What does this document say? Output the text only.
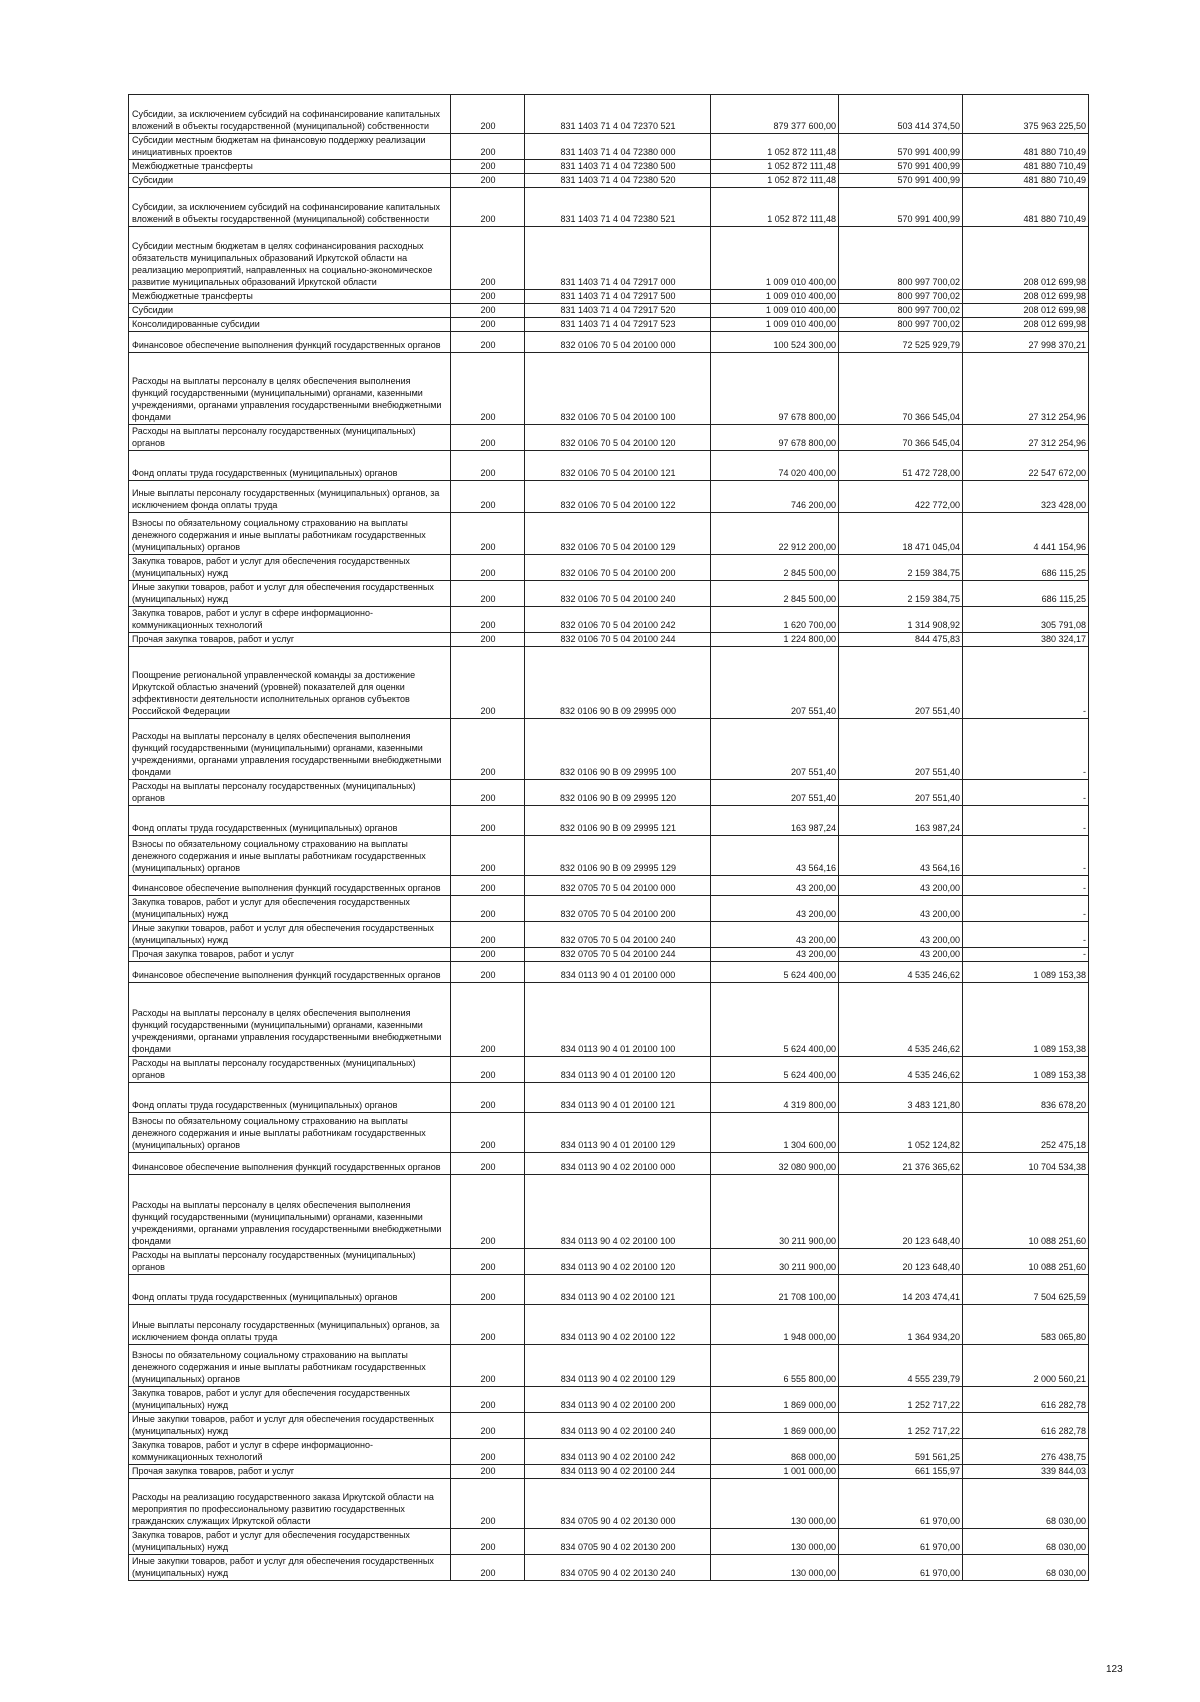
Субсидии, за исключением субсидий на софинансирование капитальных вложений в объекты государственной (муниципальной) собственности	200	831 1403 71 4 04 72370 521	879 377 600,00	503 414 374,50	375 963 225,50
Субсидии местным бюджетам на финансовую поддержку реализации инициативных проектов	200	831 1403 71 4 04 72380 000	1 052 872 111,48	570 991 400,99	481 880 710,49
Межбюджетные трансферты	200	831 1403 71 4 04 72380 500	1 052 872 111,48	570 991 400,99	481 880 710,49
Субсидии	200	831 1403 71 4 04 72380 520	1 052 872 111,48	570 991 400,99	481 880 710,49
Субсидии, за исключением субсидий на софинансирование капитальных вложений в объекты государственной (муниципальной) собственности	200	831 1403 71 4 04 72380 521	1 052 872 111,48	570 991 400,99	481 880 710,49
Субсидии местным бюджетам в целях софинансирования расходных обязательств муниципальных образований Иркутской области на реализацию мероприятий, направленных на социально-экономическое развитие муниципальных образований Иркутской области	200	831 1403 71 4 04 72917 000	1 009 010 400,00	800 997 700,02	208 012 699,98
Межбюджетные трансферты	200	831 1403 71 4 04 72917 500	1 009 010 400,00	800 997 700,02	208 012 699,98
Субсидии	200	831 1403 71 4 04 72917 520	1 009 010 400,00	800 997 700,02	208 012 699,98
Консолидированные субсидии	200	831 1403 71 4 04 72917 523	1 009 010 400,00	800 997 700,02	208 012 699,98
Финансовое обеспечение выполнения функций государственных органов	200	832 0106 70 5 04 20100 000	100 524 300,00	72 525 929,79	27 998 370,21
Расходы на выплаты персоналу в целях обеспечения выполнения функций государственными (муниципальными) органами, казенными учреждениями, органами управления государственными внебюджетными фондами	200	832 0106 70 5 04 20100 100	97 678 800,00	70 366 545,04	27 312 254,96
Расходы на выплаты персоналу государственных (муниципальных) органов	200	832 0106 70 5 04 20100 120	97 678 800,00	70 366 545,04	27 312 254,96
Фонд оплаты труда государственных (муниципальных) органов	200	832 0106 70 5 04 20100 121	74 020 400,00	51 472 728,00	22 547 672,00
Иные выплаты персоналу государственных (муниципальных) органов, за исключением фонда оплаты труда	200	832 0106 70 5 04 20100 122	746 200,00	422 772,00	323 428,00
Взносы по обязательному социальному страхованию на выплаты денежного содержания и иные выплаты работникам государственных (муниципальных) органов	200	832 0106 70 5 04 20100 129	22 912 200,00	18 471 045,04	4 441 154,96
Закупка товаров, работ и услуг для обеспечения государственных (муниципальных) нужд	200	832 0106 70 5 04 20100 200	2 845 500,00	2 159 384,75	686 115,25
Иные закупки товаров, работ и услуг для обеспечения государственных (муниципальных) нужд	200	832 0106 70 5 04 20100 240	2 845 500,00	2 159 384,75	686 115,25
Закупка товаров, работ и услуг в сфере информационно-коммуникационных технологий	200	832 0106 70 5 04 20100 242	1 620 700,00	1 314 908,92	305 791,08
Прочая закупка товаров, работ и услуг	200	832 0106 70 5 04 20100 244	1 224 800,00	844 475,83	380 324,17
Поощрение региональной управленческой команды за достижение Иркутской областью значений (уровней) показателей для оценки эффективности деятельности исполнительных органов субъектов Российской Федерации	200	832 0106 90 В 09 29995 000	207 551,40	207 551,40	-
Расходы на выплаты персоналу в целях обеспечения выполнения функций государственными (муниципальными) органами, казенными учреждениями, органами управления государственными внебюджетными фондами	200	832 0106 90 В 09 29995 100	207 551,40	207 551,40	-
Расходы на выплаты персоналу государственных (муниципальных) органов	200	832 0106 90 В 09 29995 120	207 551,40	207 551,40	-
Фонд оплаты труда государственных (муниципальных) органов	200	832 0106 90 В 09 29995 121	163 987,24	163 987,24	-
Взносы по обязательному социальному страхованию на выплаты денежного содержания и иные выплаты работникам государственных (муниципальных) органов	200	832 0106 90 В 09 29995 129	43 564,16	43 564,16	-
Финансовое обеспечение выполнения функций государственных органов	200	832 0705 70 5 04 20100 000	43 200,00	43 200,00	-
Закупка товаров, работ и услуг для обеспечения государственных (муниципальных) нужд	200	832 0705 70 5 04 20100 200	43 200,00	43 200,00	-
Иные закупки товаров, работ и услуг для обеспечения государственных (муниципальных) нужд	200	832 0705 70 5 04 20100 240	43 200,00	43 200,00	-
Прочая закупка товаров, работ и услуг	200	832 0705 70 5 04 20100 244	43 200,00	43 200,00	-
Финансовое обеспечение выполнения функций государственных органов	200	834 0113 90 4 01 20100 000	5 624 400,00	4 535 246,62	1 089 153,38
Расходы на выплаты персоналу в целях обеспечения выполнения функций государственными (муниципальными) органами, казенными учреждениями, органами управления государственными внебюджетными фондами	200	834 0113 90 4 01 20100 100	5 624 400,00	4 535 246,62	1 089 153,38
Расходы на выплаты персоналу государственных (муниципальных) органов	200	834 0113 90 4 01 20100 120	5 624 400,00	4 535 246,62	1 089 153,38
Фонд оплаты труда государственных (муниципальных) органов	200	834 0113 90 4 01 20100 121	4 319 800,00	3 483 121,80	836 678,20
Взносы по обязательному социальному страхованию на выплаты денежного содержания и иные выплаты работникам государственных (муниципальных) органов	200	834 0113 90 4 01 20100 129	1 304 600,00	1 052 124,82	252 475,18
Финансовое обеспечение выполнения функций государственных органов	200	834 0113 90 4 02 20100 000	32 080 900,00	21 376 365,62	10 704 534,38
Расходы на выплаты персоналу в целях обеспечения выполнения функций государственными (муниципальными) органами, казенными учреждениями, органами управления государственными внебюджетными фондами	200	834 0113 90 4 02 20100 100	30 211 900,00	20 123 648,40	10 088 251,60
Расходы на выплаты персоналу государственных (муниципальных) органов	200	834 0113 90 4 02 20100 120	30 211 900,00	20 123 648,40	10 088 251,60
Фонд оплаты труда государственных (муниципальных) органов	200	834 0113 90 4 02 20100 121	21 708 100,00	14 203 474,41	7 504 625,59
Иные выплаты персоналу государственных (муниципальных) органов, за исключением фонда оплаты труда	200	834 0113 90 4 02 20100 122	1 948 000,00	1 364 934,20	583 065,80
Взносы по обязательному социальному страхованию на выплаты денежного содержания и иные выплаты работникам государственных (муниципальных) органов	200	834 0113 90 4 02 20100 129	6 555 800,00	4 555 239,79	2 000 560,21
Закупка товаров, работ и услуг для обеспечения государственных (муниципальных) нужд	200	834 0113 90 4 02 20100 200	1 869 000,00	1 252 717,22	616 282,78
Иные закупки товаров, работ и услуг для обеспечения государственных (муниципальных) нужд	200	834 0113 90 4 02 20100 240	1 869 000,00	1 252 717,22	616 282,78
Закупка товаров, работ и услуг в сфере информационно-коммуникационных технологий	200	834 0113 90 4 02 20100 242	868 000,00	591 561,25	276 438,75
Прочая закупка товаров, работ и услуг	200	834 0113 90 4 02 20100 244	1 001 000,00	661 155,97	339 844,03
Расходы на реализацию государственного заказа Иркутской области на мероприятия по профессиональному развитию государственных гражданских служащих Иркутской области	200	834 0705 90 4 02 20130 000	130 000,00	61 970,00	68 030,00
Закупка товаров, работ и услуг для обеспечения государственных (муниципальных) нужд	200	834 0705 90 4 02 20130 200	130 000,00	61 970,00	68 030,00
Иные закупки товаров, работ и услуг для обеспечения государственных (муниципальных) нужд	200	834 0705 90 4 02 20130 240	130 000,00	61 970,00	68 030,00
123
